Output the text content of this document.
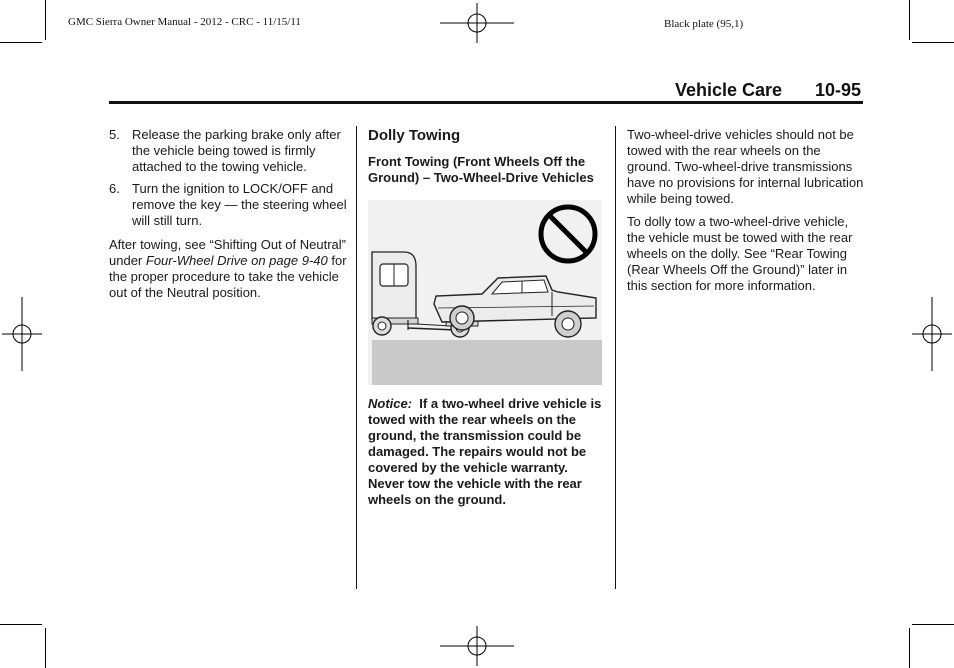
GMC Sierra Owner Manual - 2012 - CRC - 11/15/11	Black plate (95,1)
Vehicle Care 10-95
5. Release the parking brake only after the vehicle being towed is firmly attached to the towing vehicle.
6. Turn the ignition to LOCK/OFF and remove the key — the steering wheel will still turn.

After towing, see “Shifting Out of Neutral” under Four-Wheel Drive on page 9-40 for the proper procedure to take the vehicle out of the Neutral position.

Dolly Towing
Front Towing (Front Wheels Off the Ground) – Two-Wheel-Drive Vehicles

Notice: If a two-wheel drive vehicle is towed with the rear wheels on the ground, the transmission could be damaged. The repairs would not be covered by the vehicle warranty. Never tow the vehicle with the rear wheels on the ground.

Two-wheel-drive vehicles should not be towed with the rear wheels on the ground. Two-wheel-drive transmissions have no provisions for internal lubrication while being towed.

To dolly tow a two-wheel-drive vehicle, the vehicle must be towed with the rear wheels on the dolly. See “Rear Towing (Rear Wheels Off the Ground)” later in this section for more information.
